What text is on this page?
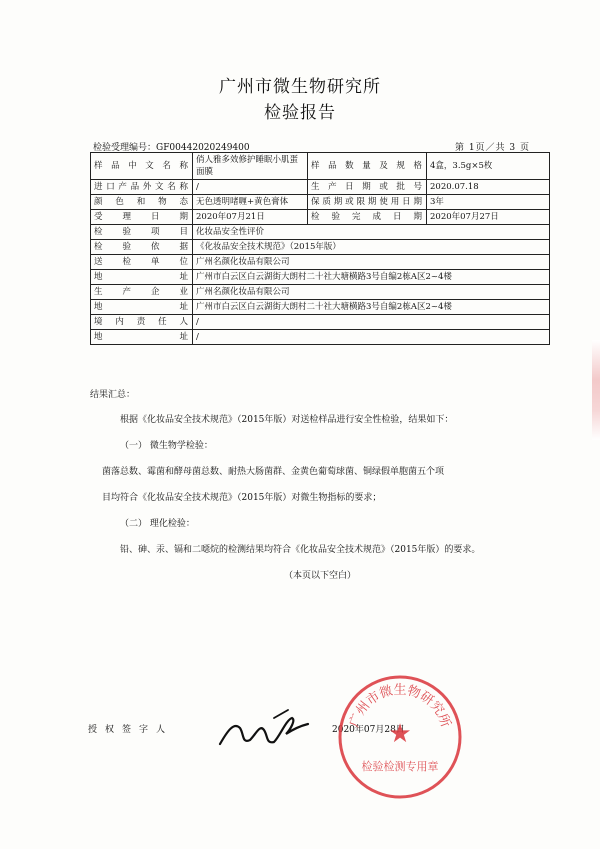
广州市微生物研究所
检验报告
检验受理编号：GF00442020249400	第 1页／共 3 页
样品中文名称	俏人雅多效修护睡眠小肌蛋面膜	样品数量及规格	4盒，3.5g×5枚
进口产品外文名称	/	生产日期或批号	2020.07.18
颜色和物态	无色透明啫喱+黄色膏体	保质期或限期使用日期	3年
受理日期	2020年07月21日	检验完成日期	2020年07月27日
检验项目	化妆品安全性评价		
检验依据	《化妆品安全技术规范》（2015年版）		
送检单位	广州名颜化妆品有限公司		
地址	广州市白云区白云湖街大朗村二十社大塘横路3号自编2栋A区2~4楼		
生产企业	广州名颜化妆品有限公司		
地址	广州市白云区白云湖街大朗村二十社大塘横路3号自编2栋A区2~4楼		
境内责任人	/		
地址	/		

结果汇总：

根据《化妆品安全技术规范》（2015年版）对送检样品进行安全性检验，结果如下：

（一） 微生物学检验：

菌落总数、霉菌和酵母菌总数、耐热大肠菌群、金黄色葡萄球菌、铜绿假单胞菌五个项

目均符合《化妆品安全技术规范》（2015年版）对微生物指标的要求；

（二） 理化检验：

铅、砷、汞、镉和二噁烷的检测结果均符合《化妆品安全技术规范》（2015年版）的要求。

（本页以下空白）

授权签字人	2020年07月28日
广州市微生物研究所
★
检验检测专用章
